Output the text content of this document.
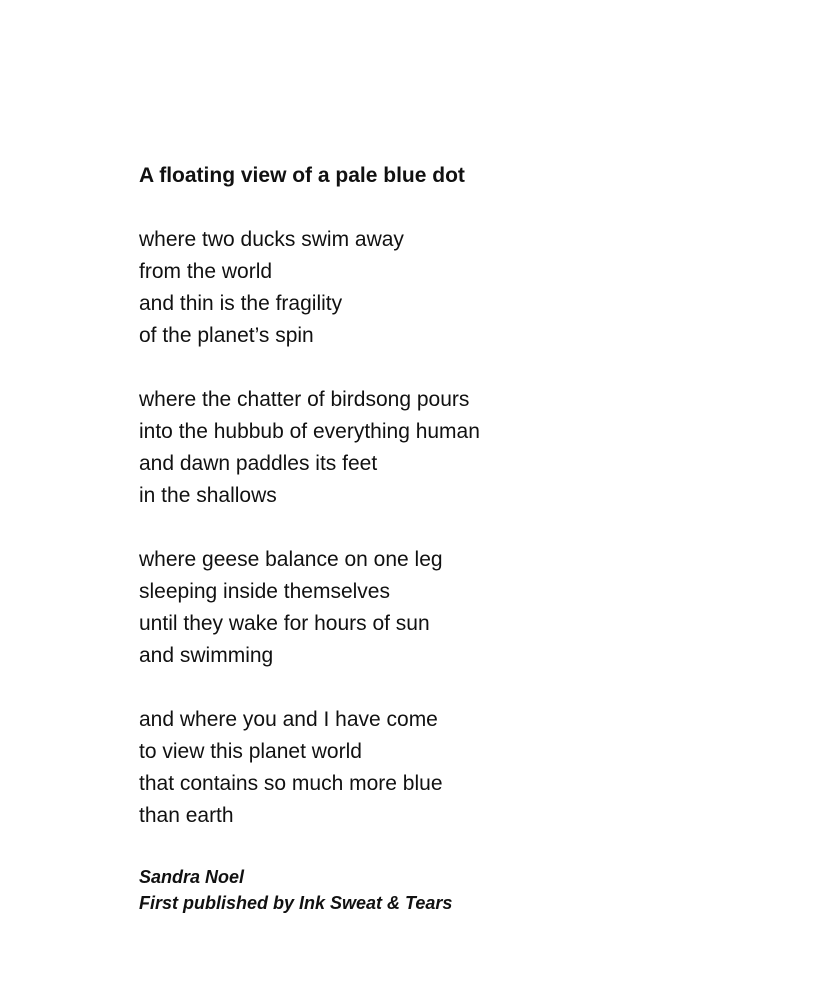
A floating view of a pale blue dot
where two ducks swim away
from the world
and thin is the fragility
of the planet’s spin
where the chatter of birdsong pours
into the hubbub of everything human
and dawn paddles its feet
in the shallows
where geese balance on one leg
sleeping inside themselves
until they wake for hours of sun
and swimming
and where you and I have come
to view this planet world
that contains so much more blue
than earth
Sandra Noel
First published by Ink Sweat & Tears
